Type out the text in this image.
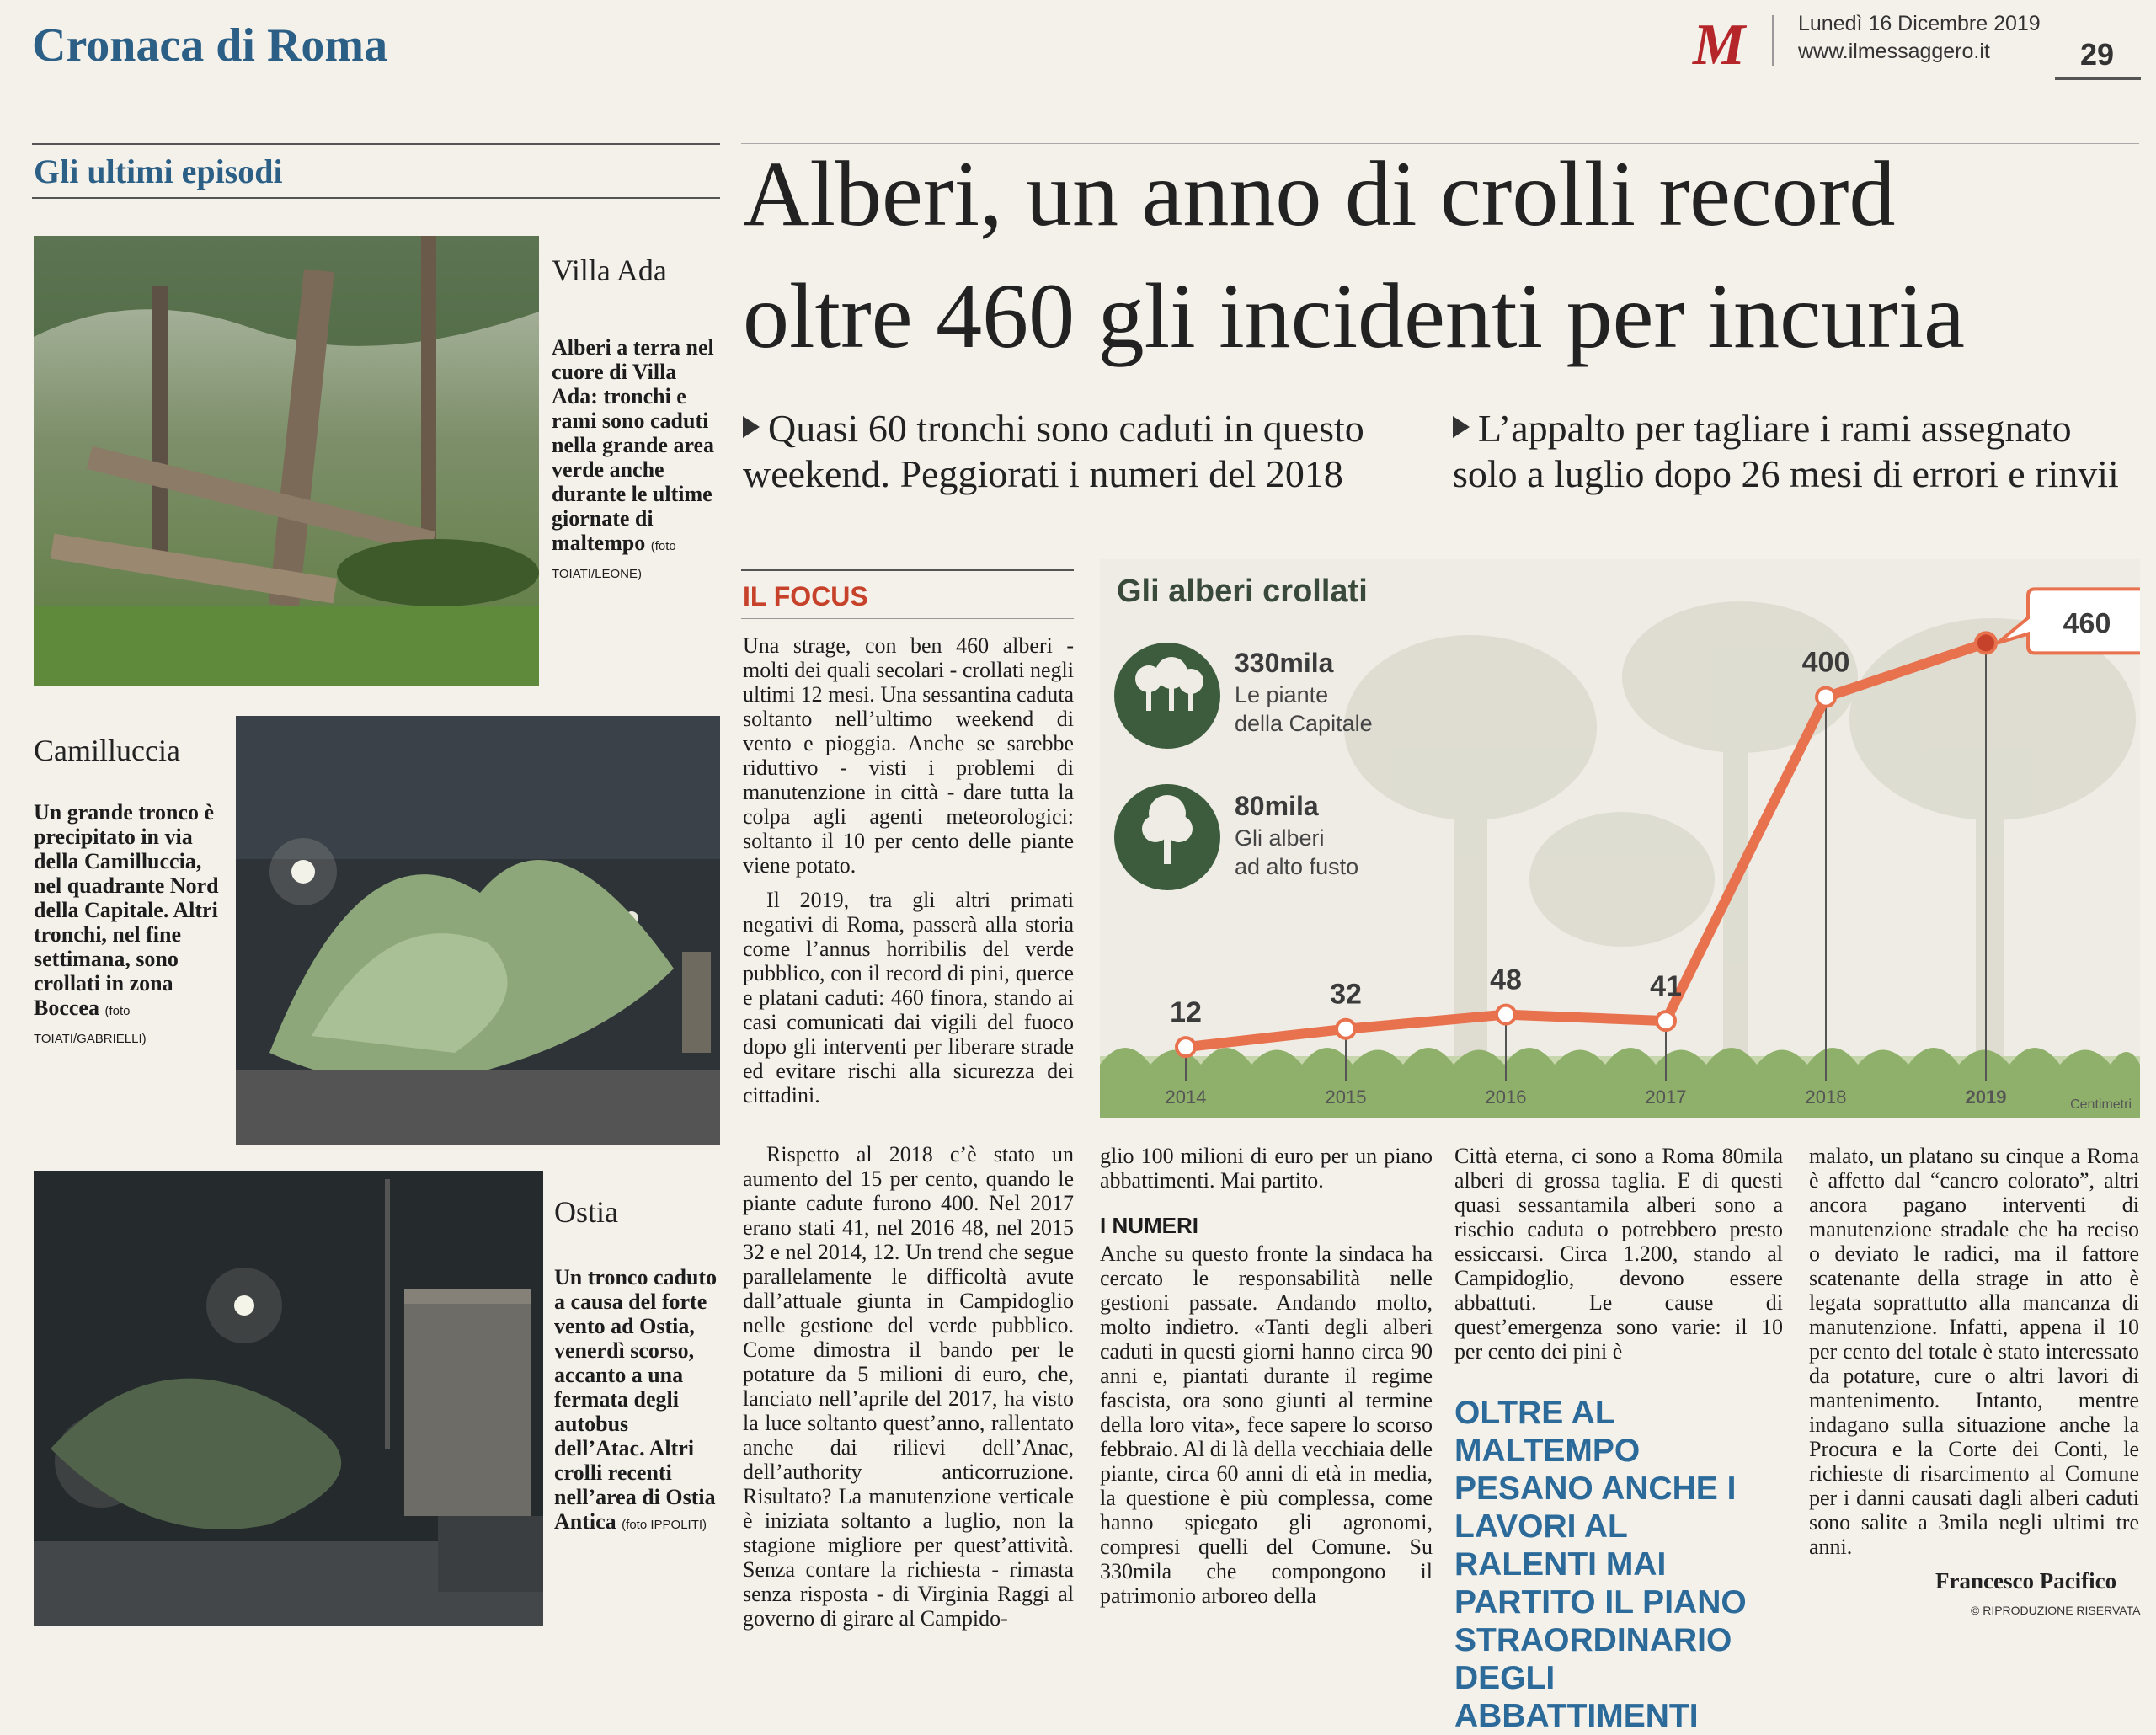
Cronaca di Roma	M	Lunedì 16 Dicembre 2019
www.ilmessaggero.it	29
Gli ultimi episodi
Villa Ada
Alberi a terra nel cuore di Villa Ada: tronchi e rami sono caduti nella grande area verde anche durante le ultime giornate di maltempo (foto TOIATI/LEONE)
Camilluccia
Un grande tronco è precipitato in via della Camilluccia, nel quadrante Nord della Capitale. Altri tronchi, nel fine settimana, sono crollati in zona Boccea (foto TOIATI/GABRIELLI)
Ostia
Un tronco caduto a causa del forte vento ad Ostia, venerdì scorso, accanto a una fermata degli autobus dell’Atac. Altri crolli recenti nell’area di Ostia Antica (foto IPPOLITI)
Alberi, un anno di crolli record
oltre 460 gli incidenti per incuria
Quasi 60 tronchi sono caduti in questo weekend. Peggiorati i numeri del 2018
L’appalto per tagliare i rami assegnato solo a luglio dopo 26 mesi di errori e rinvii
IL FOCUS
Una strage, con ben 460 alberi - molti dei quali secolari - crollati negli ultimi 12 mesi. Una sessantina caduta soltanto nell’ultimo weekend di vento e pioggia. Anche se sarebbe riduttivo - visti i problemi di manutenzione in città - dare tutta la colpa agli agenti meteorologici: soltanto il 10 per cento delle piante viene potato.
Il 2019, tra gli altri primati negativi di Roma, passerà alla storia come l’annus horribilis del verde pubblico, con il record di pini, querce e platani caduti: 460 finora, stando ai casi comunicati dai vigili del fuoco dopo gli interventi per liberare strade ed evitare rischi alla sicurezza dei cittadini.
Rispetto al 2018 c’è stato un aumento del 15 per cento, quando le piante cadute furono 400. Nel 2017 erano stati 41, nel 2016 48, nel 2015 32 e nel 2014, 12. Un trend che segue parallelamente le difficoltà avute dall’attuale giunta in Campidoglio nelle gestione del verde pubblico. Come dimostra il bando per le potature da 5 milioni di euro, che, lanciato nell’aprile del 2017, ha visto la luce soltanto quest’anno, rallentato anche dai rilievi dell’Anac, dell’authority anticorruzione. Risultato? La manutenzione verticale è iniziata soltanto a luglio, non la stagione migliore per quest’attività. Senza contare la richiesta - rimasta senza risposta - di Virginia Raggi al governo di girare al Campido-
Gli alberi crollati
330mila
Le piante
della Capitale
80mila
Gli alberi
ad alto fusto
12
2014
32
2015
48
2016
41
2017
400
2018
460
2019	Centimetri
glio 100 milioni di euro per un piano abbattimenti. Mai partito.
I NUMERI
Anche su questo fronte la sindaca ha cercato le responsabilità nelle gestioni passate. Andando molto, molto indietro. «Tanti degli alberi caduti in questi giorni hanno circa 90 anni e, piantati durante il regime fascista, ora sono giunti al termine della loro vita», fece sapere lo scorso febbraio. Al di là della vecchiaia delle piante, circa 60 anni di età in media, la questione è più complessa, come hanno spiegato gli agronomi, compresi quelli del Comune. Su 330mila che compongono il patrimonio arboreo della
Città eterna, ci sono a Roma 80mila alberi di grossa taglia. E di questi quasi sessantamila alberi sono a rischio caduta o potrebbero presto essiccarsi. Circa 1.200, stando al Campidoglio, devono essere abbattuti. Le cause di quest’emergenza sono varie: il 10 per cento dei pini è
OLTRE AL MALTEMPO PESANO ANCHE I LAVORI AL RALENTI MAI PARTITO IL PIANO STRAORDINARIO DEGLI ABBATTIMENTI
malato, un platano su cinque a Roma è affetto dal “cancro colorato”, altri ancora pagano interventi di manutenzione stradale che ha reciso o deviato le radici, ma il fattore scatenante della strage in atto è legata soprattutto alla mancanza di manutenzione. Infatti, appena il 10 per cento del totale è stato interessato da potature, cure o altri lavori di mantenimento. Intanto, mentre indagano sulla situazione anche la Procura e la Corte dei Conti, le richieste di risarcimento al Comune per i danni causati dagli alberi caduti sono salite a 3mila negli ultimi tre anni.
Francesco Pacifico
© RIPRODUZIONE RISERVATA
